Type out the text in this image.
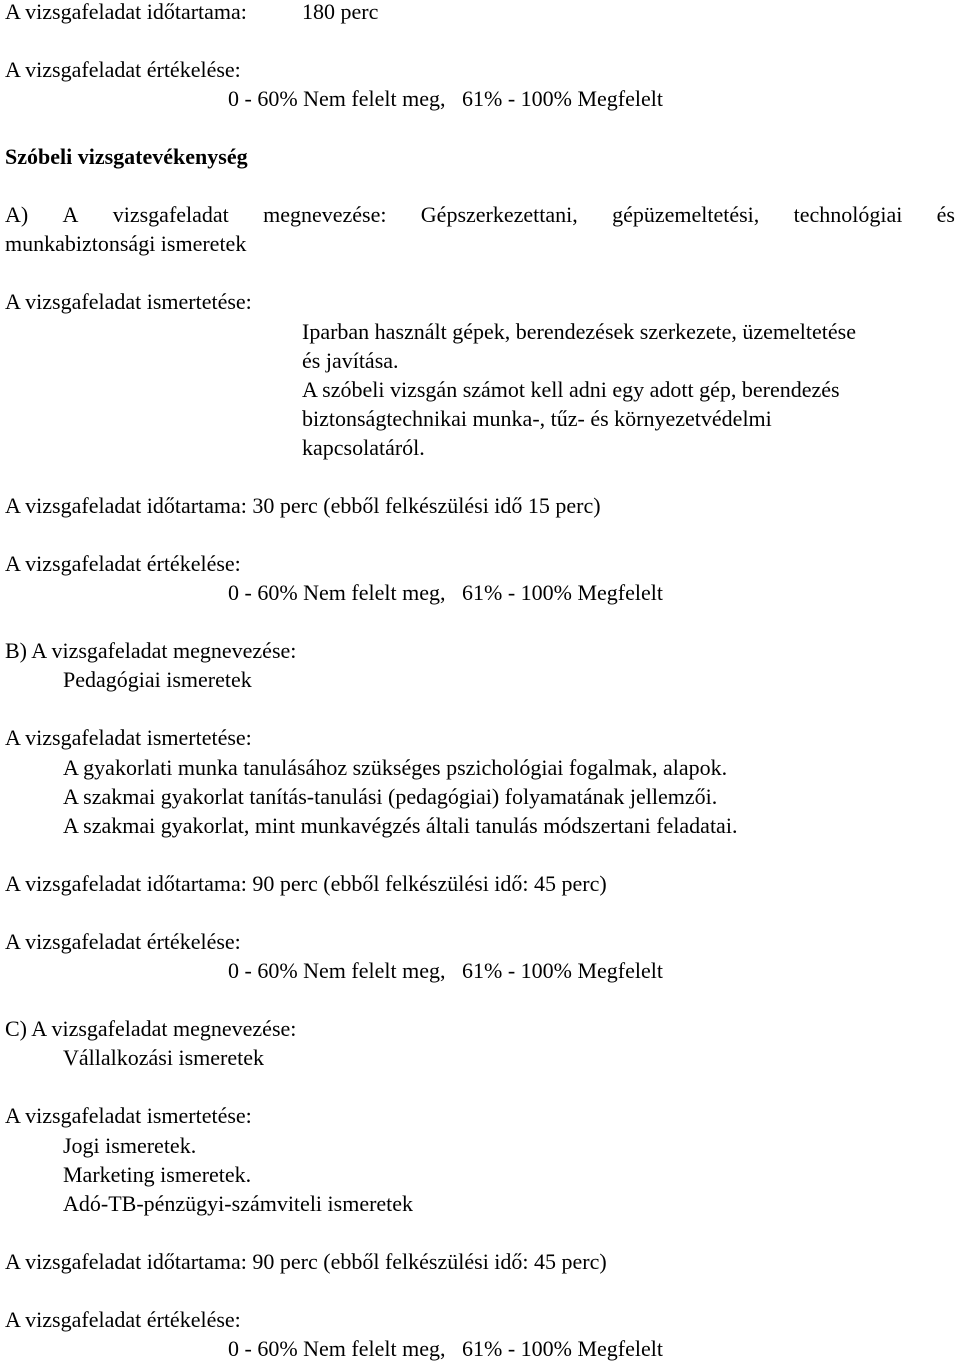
A vizsgafeladat időtartama:	180 perc
A vizsgafeladat értékelése:
0 - 60% Nem felelt meg,   61% - 100% Megfelelt
Szóbeli vizsgatevékenység
A) A vizsgafeladat megnevezése: Gépszerkezettani, gépüzemeltetési, technológiai és
munkabiztonsági ismeretek
A vizsgafeladat ismertetése:
Iparban használt gépek, berendezések szerkezete, üzemeltetése
és javítása.
A szóbeli vizsgán számot kell adni egy adott gép, berendezés
biztonságtechnikai munka-, tűz- és környezetvédelmi
kapcsolatáról.
A vizsgafeladat időtartama: 30 perc (ebből felkészülési idő 15 perc)
A vizsgafeladat értékelése:
0 - 60% Nem felelt meg,   61% - 100% Megfelelt
B) A vizsgafeladat megnevezése:
Pedagógiai ismeretek
A vizsgafeladat ismertetése:
A gyakorlati munka tanulásához szükséges pszichológiai fogalmak, alapok.
A szakmai gyakorlat tanítás-tanulási (pedagógiai) folyamatának jellemzői.
A szakmai gyakorlat, mint munkavégzés általi tanulás módszertani feladatai.
A vizsgafeladat időtartama: 90 perc (ebből felkészülési idő: 45 perc)
A vizsgafeladat értékelése:
0 - 60% Nem felelt meg,   61% - 100% Megfelelt
C) A vizsgafeladat megnevezése:
Vállalkozási ismeretek
A vizsgafeladat ismertetése:
Jogi ismeretek.
Marketing ismeretek.
Adó-TB-pénzügyi-számviteli ismeretek
A vizsgafeladat időtartama: 90 perc (ebből felkészülési idő: 45 perc)
A vizsgafeladat értékelése:
0 - 60% Nem felelt meg,   61% - 100% Megfelelt
